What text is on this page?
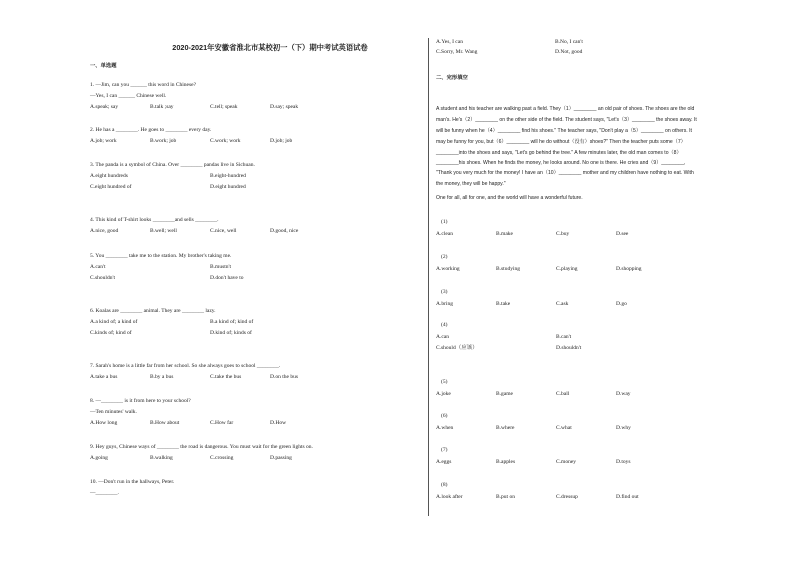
2020-2021年安徽省淮北市某校初一（下）期中考试英语试卷
一、单选题
二、完形填空
1. —Jim, can you ______ this word in Chinese?
—Yes, I can ______ Chinese well.
A.speak; say	B.talk ;say	C.tell; speak	D.say; speak
2. He has a ________. He goes to ________ every day.
A.job; work	B.work; job	C.work; work	D.job; job
3. The panda is a symbol of China. Over ________ pandas live in Sichuan.
A.eight hundreds	B.eight-hundred
C.eight hundred of	D.eight hundred
4. This kind of T-shirt looks ________and sells ________.
A.nice, good	B.well; well	C.nice, well	D.good, nice
5. You ________ take me to the station. My brother's taking me.
A.can't	B.mustn't
C.shouldn't	D.don't have to
6. Koalas are ________ animal. They are ________ lazy.
A.a kind of; a kind of	B.a kind of; kind of
C.kinds of; kind of	D.kind of; kinds of
7. Sarah's home is a little far from her school. So she always goes to school ________.
A.take a bus	B.by a bus	C.take the bus	D.on the bus
8. —________ is it from here to your school?
—Ten minutes' walk.
A.How long	B.How about	C.How far	D.How
9. Hey guys, Chinese ways of ________ the road is dangerous. You must wait for the green lights on.
A.going	B.walking	C.crossing	D.passing
10. —Don't run in the hallways, Peter.
—________.
A.Yes, I can	B.No, I can't
C.Sorry, Mr. Wang	D.Not, good
A student and his teacher are walking past a field. They（1）________ an old pair of shoes. The shoes are the old
man's. He's（2）________ on the other side of the field. The student says, "Let's（3）________ the shoes away. It
will be funny when he（4）________ find his shoes." The teacher says, "Don't play a（5）________ on others. It
may be funny for you, but（6）________ will he do without（没有）shoes?" Then the teacher puts some（7）
________into the shoes and says, "Let's go behind the tree." A few minutes later, the old man comes to（8）
________his shoes. When he finds the money, he looks around. No one is there. He cries and（9）________,
"Thank you very much for the money! I have an（10）________ mother and my children have nothing to eat. With
the money, they will be happy."
One for all, all for one, and the world will have a wonderful future.
(1)
A.clean	B.make	C.buy	D.see
(2)
A.working	B.studying	C.playing	D.shopping
(3)
A.bring	B.take	C.ask	D.go
(4)
A.can	B.can't
C.should（应该）	D.shouldn't
(5)
A.joke	B.game	C.ball	D.way
(6)
A.when	B.where	C.what	D.why
(7)
A.eggs	B.apples	C.money	D.toys
(8)
A.look after	B.put on	C.dressup	D.find out
